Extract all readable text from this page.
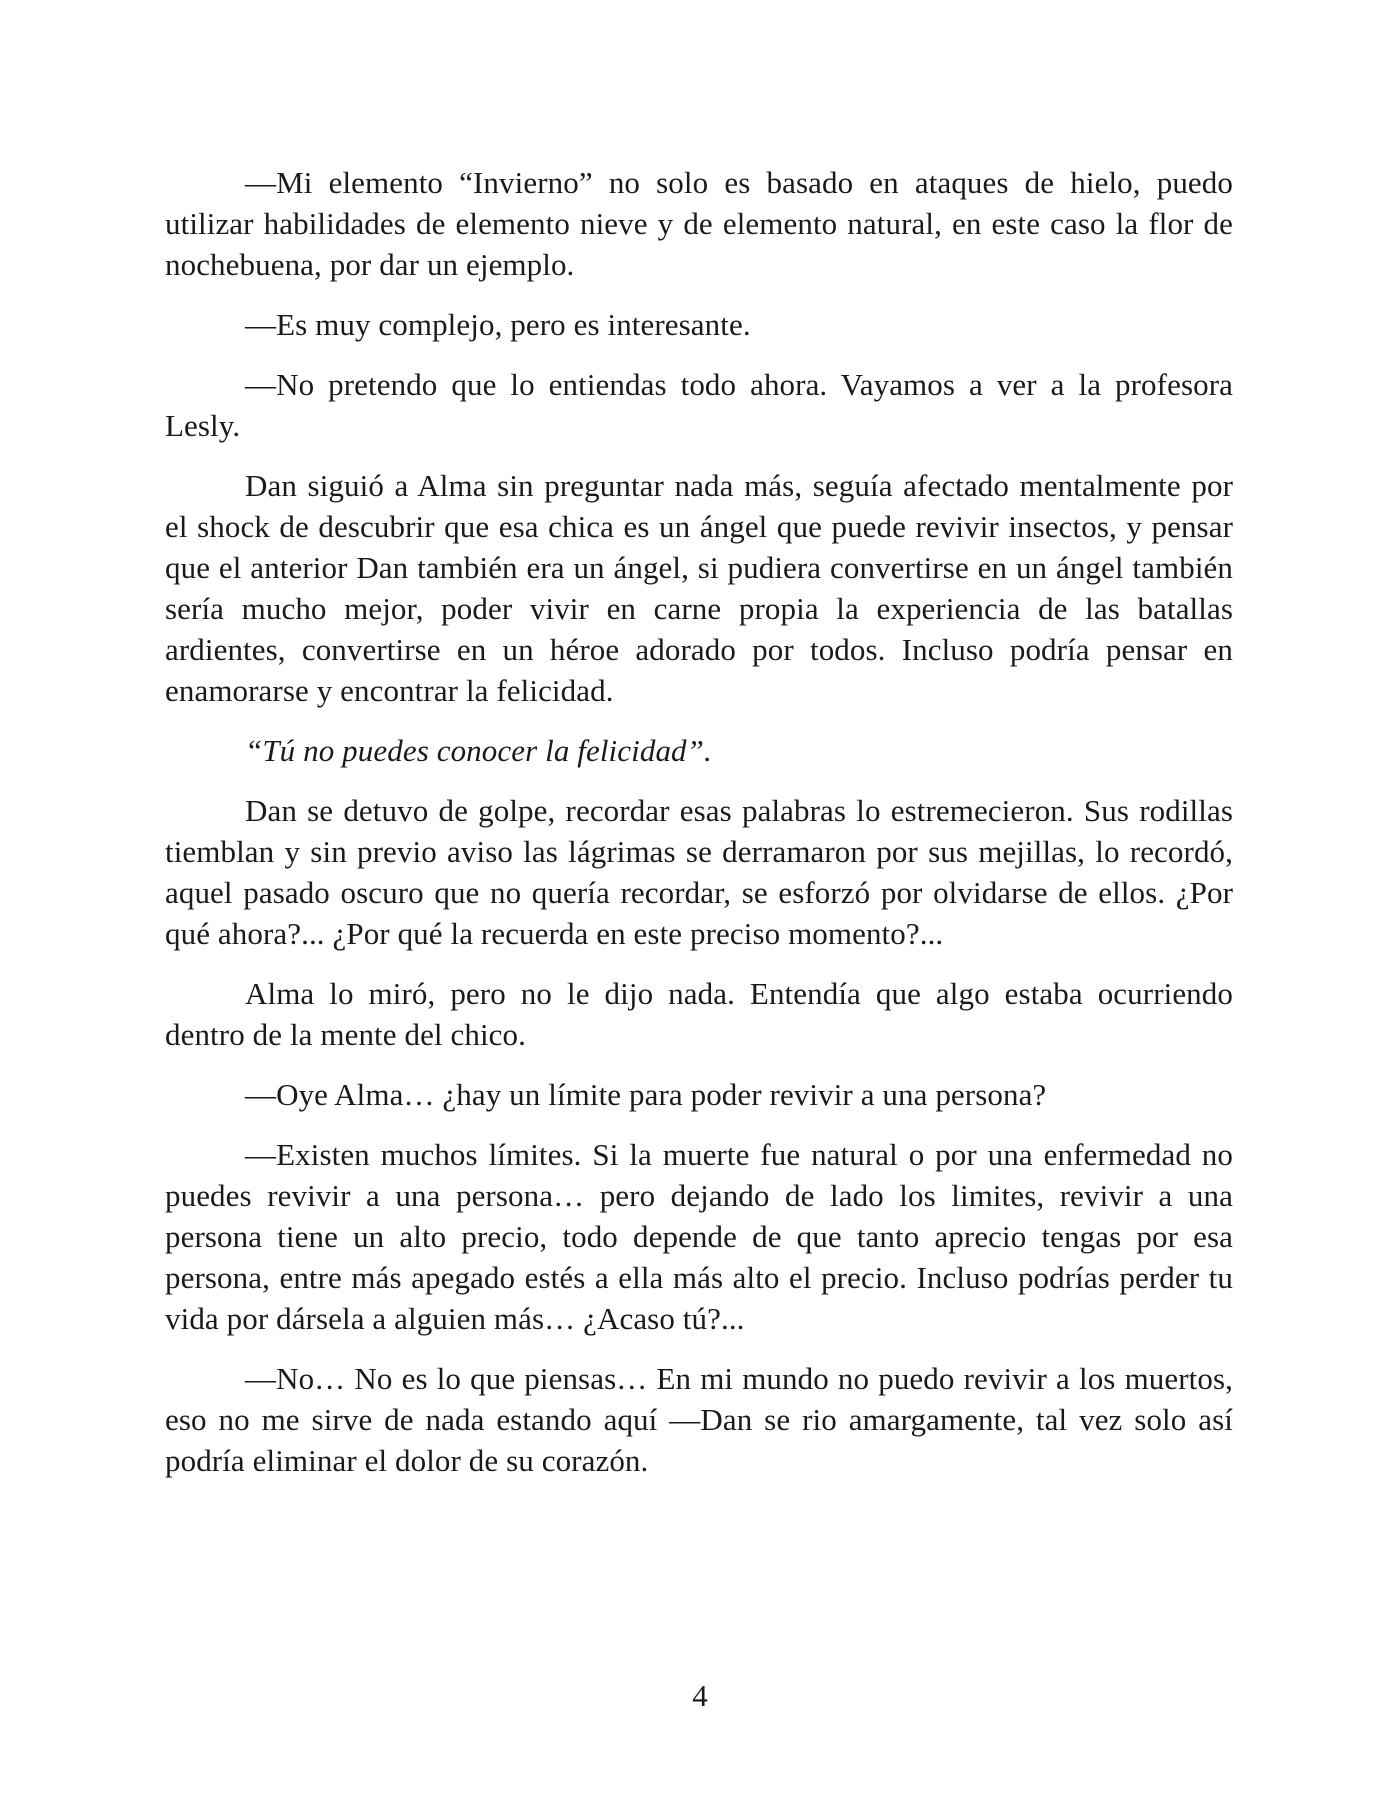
—Mi elemento “Invierno” no solo es basado en ataques de hielo, puedo utilizar habilidades de elemento nieve y de elemento natural, en este caso la flor de nochebuena, por dar un ejemplo.

—Es muy complejo, pero es interesante.

—No pretendo que lo entiendas todo ahora. Vayamos a ver a la profesora Lesly.

Dan siguió a Alma sin preguntar nada más, seguía afectado mentalmente por el shock de descubrir que esa chica es un ángel que puede revivir insectos, y pensar que el anterior Dan también era un ángel, si pudiera convertirse en un ángel también sería mucho mejor, poder vivir en carne propia la experiencia de las batallas ardientes, convertirse en un héroe adorado por todos. Incluso podría pensar en enamorarse y encontrar la felicidad.

“Tú no puedes conocer la felicidad”.

Dan se detuvo de golpe, recordar esas palabras lo estremecieron. Sus rodillas tiemblan y sin previo aviso las lágrimas se derramaron por sus mejillas, lo recordó, aquel pasado oscuro que no quería recordar, se esforzó por olvidarse de ellos. ¿Por qué ahora?... ¿Por qué la recuerda en este preciso momento?...

Alma lo miró, pero no le dijo nada. Entendía que algo estaba ocurriendo dentro de la mente del chico.

—Oye Alma… ¿hay un límite para poder revivir a una persona?

—Existen muchos límites. Si la muerte fue natural o por una enfermedad no puedes revivir a una persona… pero dejando de lado los limites, revivir a una persona tiene un alto precio, todo depende de que tanto aprecio tengas por esa persona, entre más apegado estés a ella más alto el precio. Incluso podrías perder tu vida por dársela a alguien más… ¿Acaso tú?...

—No… No es lo que piensas… En mi mundo no puedo revivir a los muertos, eso no me sirve de nada estando aquí —Dan se rio amargamente, tal vez solo así podría eliminar el dolor de su corazón.

4
